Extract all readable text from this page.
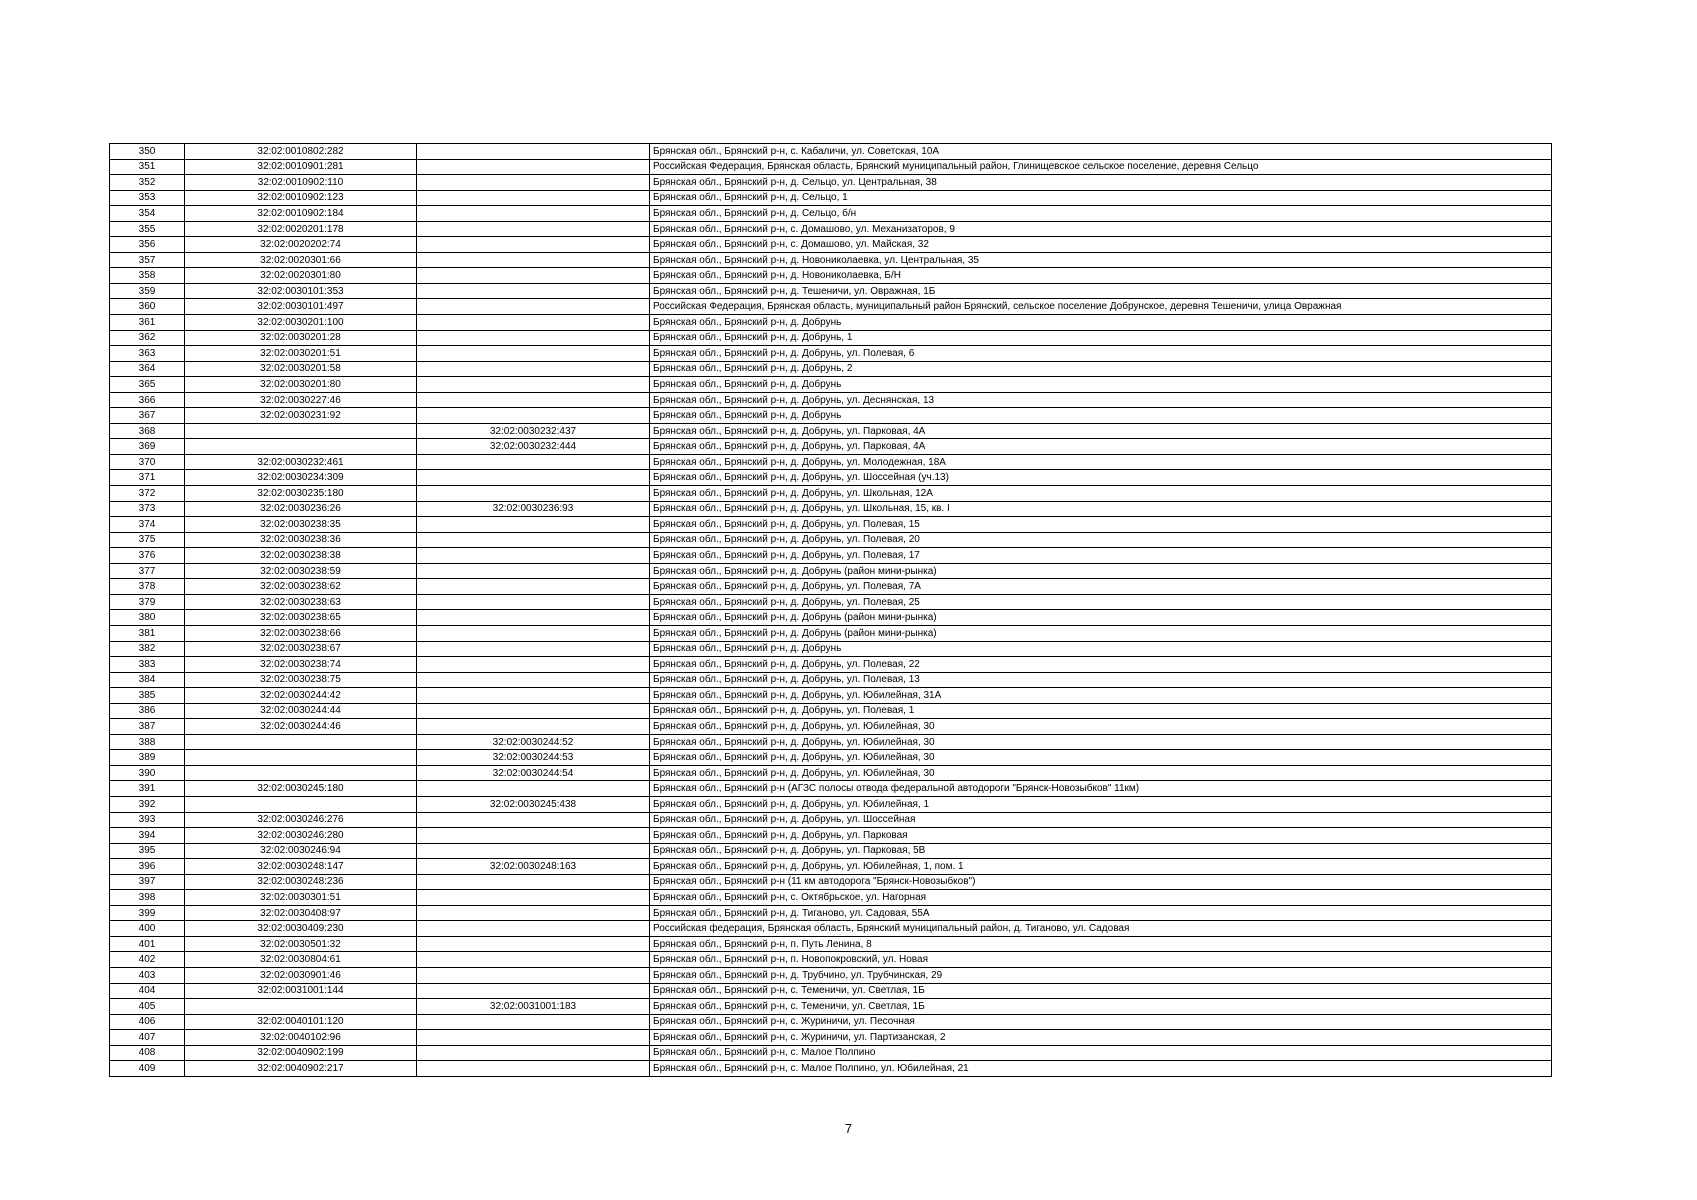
350	32:02:0010802:282		Брянская обл., Брянский р-н, с. Кабаличи, ул. Советская, 10А
351	32:02:0010901:281		Российская Федерация, Брянская область, Брянский муниципальный район, Глинищевское сельское поселение, деревня Сельцо
352	32:02:0010902:110		Брянская обл., Брянский р-н, д. Сельцо, ул. Центральная, 38
353	32:02:0010902:123		Брянская обл., Брянский р-н, д. Сельцо, 1
354	32:02:0010902:184		Брянская обл., Брянский р-н, д. Сельцо, б/н
355	32:02:0020201:178		Брянская обл., Брянский р-н, с. Домашово, ул. Механизаторов, 9
356	32:02:0020202:74		Брянская обл., Брянский р-н, с. Домашово, ул. Майская, 32
357	32:02:0020301:66		Брянская обл., Брянский р-н, д. Новониколаевка, ул. Центральная, 35
358	32:02:0020301:80		Брянская обл., Брянский р-н, д. Новониколаевка, Б/Н
359	32:02:0030101:353		Брянская обл., Брянский р-н, д. Тешеничи, ул. Овражная, 1Б
360	32:02:0030101:497		Российская Федерация, Брянская область, муниципальный район Брянский, сельское поселение Добрунское, деревня Тешеничи, улица Овражная
361	32:02:0030201:100		Брянская обл., Брянский р-н, д. Добрунь
362	32:02:0030201:28		Брянская обл., Брянский р-н, д. Добрунь, 1
363	32:02:0030201:51		Брянская обл., Брянский р-н, д. Добрунь, ул. Полевая, 6
364	32:02:0030201:58		Брянская обл., Брянский р-н, д. Добрунь, 2
365	32:02:0030201:80		Брянская обл., Брянский р-н, д. Добрунь
366	32:02:0030227:46		Брянская обл., Брянский р-н, д. Добрунь, ул. Деснянская, 13
367	32:02:0030231:92		Брянская обл., Брянский р-н, д. Добрунь
368		32:02:0030232:437	Брянская обл., Брянский р-н, д. Добрунь, ул. Парковая, 4А
369		32:02:0030232:444	Брянская обл., Брянский р-н, д. Добрунь, ул. Парковая, 4А
370	32:02:0030232:461		Брянская обл., Брянский р-н, д. Добрунь, ул. Молодежная, 18А
371	32:02:0030234:309		Брянская обл., Брянский р-н, д. Добрунь, ул. Шоссейная (уч.13)
372	32:02:0030235:180		Брянская обл., Брянский р-н, д. Добрунь, ул. Школьная, 12А
373	32:02:0030236:26	32:02:0030236:93	Брянская обл., Брянский р-н, д. Добрунь, ул. Школьная, 15, кв. I
374	32:02:0030238:35		Брянская обл., Брянский р-н, д. Добрунь, ул. Полевая, 15
375	32:02:0030238:36		Брянская обл., Брянский р-н, д. Добрунь, ул. Полевая, 20
376	32:02:0030238:38		Брянская обл., Брянский р-н, д. Добрунь, ул. Полевая, 17
377	32:02:0030238:59		Брянская обл., Брянский р-н, д. Добрунь (район мини-рынка)
378	32:02:0030238:62		Брянская обл., Брянский р-н, д. Добрунь, ул. Полевая, 7А
379	32:02:0030238:63		Брянская обл., Брянский р-н, д. Добрунь, ул. Полевая, 25
380	32:02:0030238:65		Брянская обл., Брянский р-н, д. Добрунь (район мини-рынка)
381	32:02:0030238:66		Брянская обл., Брянский р-н, д. Добрунь (район мини-рынка)
382	32:02:0030238:67		Брянская обл., Брянский р-н, д. Добрунь
383	32:02:0030238:74		Брянская обл., Брянский р-н, д. Добрунь, ул. Полевая, 22
384	32:02:0030238:75		Брянская обл., Брянский р-н, д. Добрунь, ул. Полевая, 13
385	32:02:0030244:42		Брянская обл., Брянский р-н, д. Добрунь, ул. Юбилейная, 31А
386	32:02:0030244:44		Брянская обл., Брянский р-н, д. Добрунь, ул. Полевая, 1
387	32:02:0030244:46		Брянская обл., Брянский р-н, д. Добрунь, ул. Юбилейная, 30
388		32:02:0030244:52	Брянская обл., Брянский р-н, д. Добрунь, ул. Юбилейная, 30
389		32:02:0030244:53	Брянская обл., Брянский р-н, д. Добрунь, ул. Юбилейная, 30
390		32:02:0030244:54	Брянская обл., Брянский р-н, д. Добрунь, ул. Юбилейная, 30
391	32:02:0030245:180		Брянская обл., Брянский р-н (АГЗС полосы отвода федеральной автодороги "Брянск-Новозыбков" 11км)
392		32:02:0030245:438	Брянская обл., Брянский р-н, д. Добрунь, ул. Юбилейная, 1
393	32:02:0030246:276		Брянская обл., Брянский р-н, д. Добрунь, ул. Шоссейная
394	32:02:0030246:280		Брянская обл., Брянский р-н, д. Добрунь, ул. Парковая
395	32:02:0030246:94		Брянская обл., Брянский р-н, д. Добрунь, ул. Парковая, 5В
396	32:02:0030248:147	32:02:0030248:163	Брянская обл., Брянский р-н, д. Добрунь, ул. Юбилейная, 1, пом. 1
397	32:02:0030248:236		Брянская обл., Брянский р-н (11 км автодорога "Брянск-Новозыбков")
398	32:02:0030301:51		Брянская обл., Брянский р-н, с. Октябрьское, ул. Нагорная
399	32:02:0030408:97		Брянская обл., Брянский р-н, д. Тиганово, ул. Садовая, 55А
400	32:02:0030409:230		Российская федерация, Брянская область, Брянский муниципальный район, д. Тиганово, ул. Садовая
401	32:02:0030501:32		Брянская обл., Брянский р-н, п. Путь Ленина, 8
402	32:02:0030804:61		Брянская обл., Брянский р-н, п. Новопокровский, ул. Новая
403	32:02:0030901:46		Брянская обл., Брянский р-н, д. Трубчино, ул. Трубчинская, 29
404	32:02:0031001:144		Брянская обл., Брянский р-н, с. Теменичи, ул. Светлая, 1Б
405		32:02:0031001:183	Брянская обл., Брянский р-н, с. Теменичи, ул. Светлая, 1Б
406	32:02:0040101:120		Брянская обл., Брянский р-н, с. Журиничи, ул. Песочная
407	32:02:0040102:96		Брянская обл., Брянский р-н, с. Журиничи, ул. Партизанская, 2
408	32:02:0040902:199		Брянская обл., Брянский р-н, с. Малое Полпино
409	32:02:0040902:217		Брянская обл., Брянский р-н, с. Малое Полпино, ул. Юбилейная, 21
7
